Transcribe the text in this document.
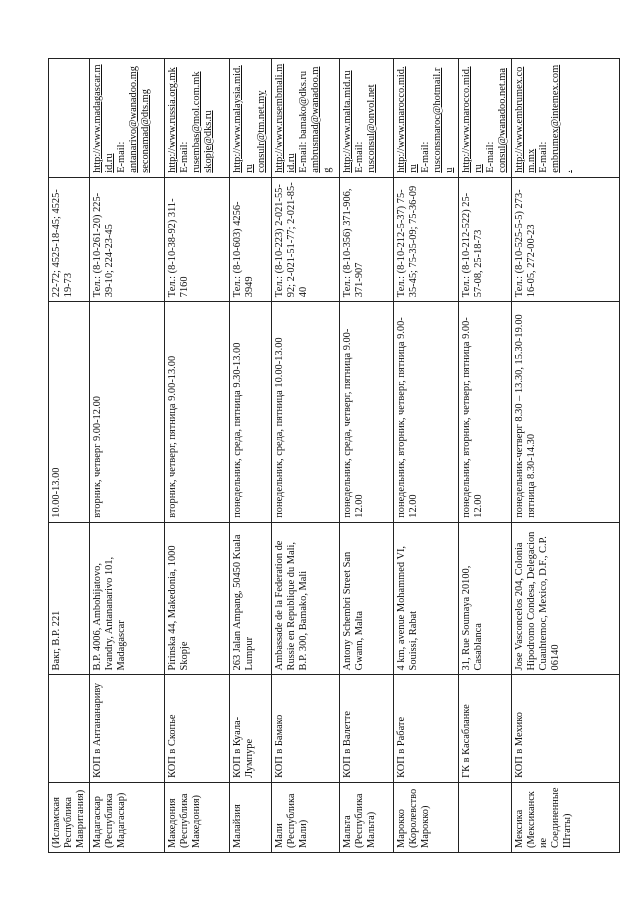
(Исламская Республика Мавритания)		Bакг, B.P. 221	10.00-13.00	22-72; 4525-18-45; 4525-19-73	

Мадагаскар (Республика Мадагаскар)	КОП в Антананариву	B.P. 4006, Ambohijatovo, Ivandry, Antananarivo 101, Madagascar	вторник, четверг 9.00-12.00	Тел.: (8-10-261-20) 225-39-10; 224-23-45	http://www.madagascar.mid.ru E-mail: antanarivo@wanadoo.mg seconamad@dts.mg

Македония (Республика Македония)	КОП в Скопье	Pirinska 44, Makedonia, 1000 Skopje	вторник, четверг, пятница 9.00-13.00	Тел.: (8-10-38-92) 311-7160	http://www.russia.org.mk E-mail: rusembas@mol.com.mk skopje@dks.ru

Малайзия	КОП в Куала-Лумпуре	263 Jalan Ampang, 50450 Kuala Lumpur	понедельник, среда, пятница 9.30-13.00	Тел.: (8-10-603) 4256-3949	http://www.malaysia.mid.ru consulr@tm.net.my

Мали (Республика Мали)	КОП в Бамако	Ambassade de la Federation de Russie en Republique du Mali, B.P. 300, Bamako, Mali	понедельник, среда, пятница 10.00-13.00	Тел.: (8-10-223) 2-021-55-92; 2-021-51-77; 2-021-85-40	http://www.rusembmali.mid.ru E-mail: bamako@dks.ru ambrusmad@wanadoo.mg

Мальта (Республика Мальта)	КОП в Валетте	Antony Schembri Street San Gwann, Malta	понедельник, среда, четверг, пятница 9.00-12.00	Тел.: (8-10-356) 371-906, 371-907	http://www.malta.mid.ru E-mail: rusconsul@onvol.net

Марокко (Королевство Марокко)	КОП в Рабате	4 km, avenue Mohammed VI, Souissi, Rabat	понедельник, вторник, четверг, пятница 9.00-12.00	Тел.: (8-10-212-5-37) 75-35-45; 75-35-09; 75-36-09	http://www.marocco.mid.ru E-mail: rusconsmaroc@hotmail.ru

	ГК в Касабланке	31, Rue Soumaya 20100, Casablanca	понедельник, вторник, четверг, пятница 9.00-12.00	Тел.: (8-10-212-522) 25-57-08, 25-18-73	http://www.marocco.mid.ru E-mail: consul@wanadoo.net.ma

Мексика (Мексиканские Соединенные Штаты)	КОП в Мехико	Jose Vasconcelos 204, Colonia Hipodromo Condesa, Delegacion Cuauhtemoc, Mexico, D.F., C.P. 06140	понедельник-четверг 8.30 – 13.30, 15.30-19.00 пятница 8.30-14.30	Тел.: (8-10-525-5-5) 273-16-05, 272-00-23	http://www.embrumex.com.mx E-mail: embrumex@intemex.com.
